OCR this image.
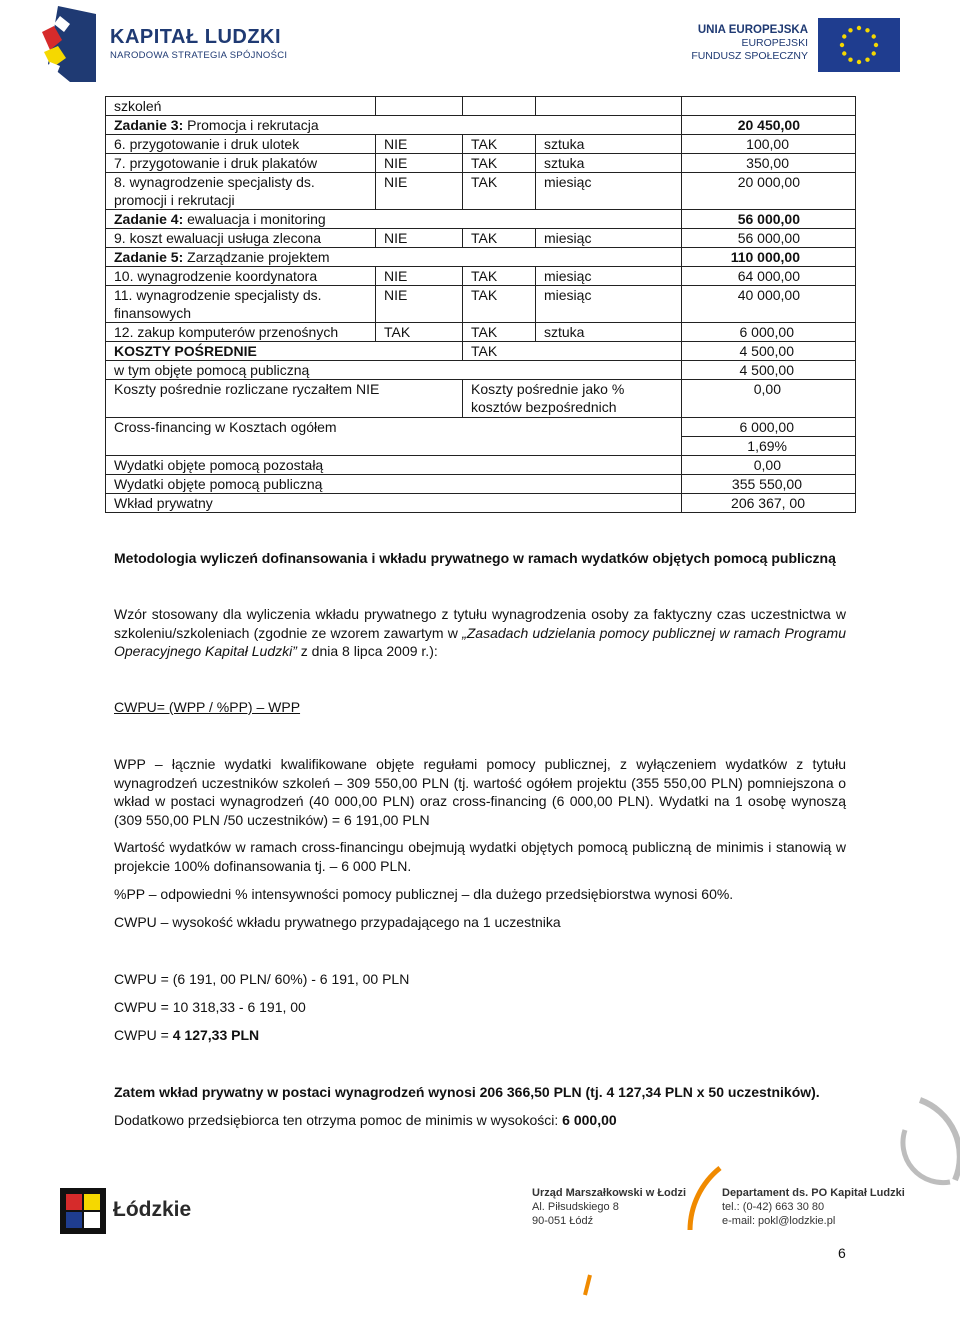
KAPITAŁ LUDZKI
NARODOWA STRATEGIA SPÓJNOŚCI
UNIA EUROPEJSKA
EUROPEJSKI
FUNDUSZ SPOŁECZNY
szkoleń				
Zadanie 3: Promocja i rekrutacja				20 450,00
6. przygotowanie i druk ulotek	NIE	TAK	sztuka	100,00
7. przygotowanie i druk plakatów	NIE	TAK	sztuka	350,00
8. wynagrodzenie specjalisty ds. promocji i rekrutacji	NIE	TAK	miesiąc	20 000,00
Zadanie 4: ewaluacja i monitoring				56 000,00
9. koszt ewaluacji usługa zlecona	NIE	TAK	miesiąc	56 000,00
Zadanie 5: Zarządzanie projektem				110 000,00
10. wynagrodzenie koordynatora	NIE	TAK	miesiąc	64 000,00
11. wynagrodzenie specjalisty ds. finansowych	NIE	TAK	miesiąc	40 000,00
12. zakup komputerów przenośnych	TAK	TAK	sztuka	6 000,00
KOSZTY POŚREDNIE		TAK		4 500,00
w tym objęte pomocą publiczną				4 500,00
Koszty pośrednie rozliczane ryczałtem NIE		Koszty pośrednie jako % kosztów bezpośrednich		0,00
Cross-financing w Kosztach ogółem				6 000,00
				1,69%
Wydatki objęte pomocą pozostałą				0,00
Wydatki objęte pomocą publiczną				355 550,00
Wkład prywatny				206 367, 00
Metodologia wyliczeń dofinansowania i wkładu prywatnego w ramach wydatków objętych pomocą publiczną
Wzór stosowany dla wyliczenia wkładu prywatnego z tytułu wynagrodzenia osoby za faktyczny czas uczestnictwa w szkoleniu/szkoleniach (zgodnie ze wzorem zawartym w „Zasadach udzielania pomocy publicznej w ramach Programu Operacyjnego Kapitał Ludzki” z dnia 8 lipca 2009 r.):
CWPU= (WPP / %PP) – WPP
WPP – łącznie wydatki kwalifikowane objęte regułami pomocy publicznej, z wyłączeniem wydatków z tytułu wynagrodzeń uczestników szkoleń – 309 550,00 PLN (tj. wartość ogółem projektu (355 550,00 PLN) pomniejszona o wkład w postaci wynagrodzeń (40 000,00 PLN) oraz cross-financing (6 000,00 PLN). Wydatki na 1 osobę wynoszą (309 550,00 PLN /50 uczestników) = 6 191,00 PLN
Wartość wydatków w ramach cross-financingu obejmują wydatki objętych pomocą publiczną de minimis i stanowią w projekcie 100% dofinansowania tj. – 6 000 PLN.
%PP – odpowiedni % intensywności pomocy publicznej – dla dużego przedsiębiorstwa wynosi 60%.
CWPU – wysokość wkładu prywatnego przypadającego na 1 uczestnika
CWPU = (6 191, 00 PLN/ 60%) - 6 191, 00 PLN
CWPU = 10 318,33 - 6 191, 00
CWPU = 4 127,33 PLN
Zatem wkład prywatny w postaci wynagrodzeń wynosi 206 366,50 PLN (tj. 4 127,34 PLN x 50 uczestników).
Dodatkowo przedsiębiorca ten otrzyma pomoc de minimis w wysokości: 6 000,00
Łódzkie
Urząd Marszałkowski w Łodzi
Al. Piłsudskiego 8
90-051 Łódź
Departament ds. PO Kapitał Ludzki
tel.: (0-42) 663 30 80
e-mail: pokl@lodzkie.pl
6
